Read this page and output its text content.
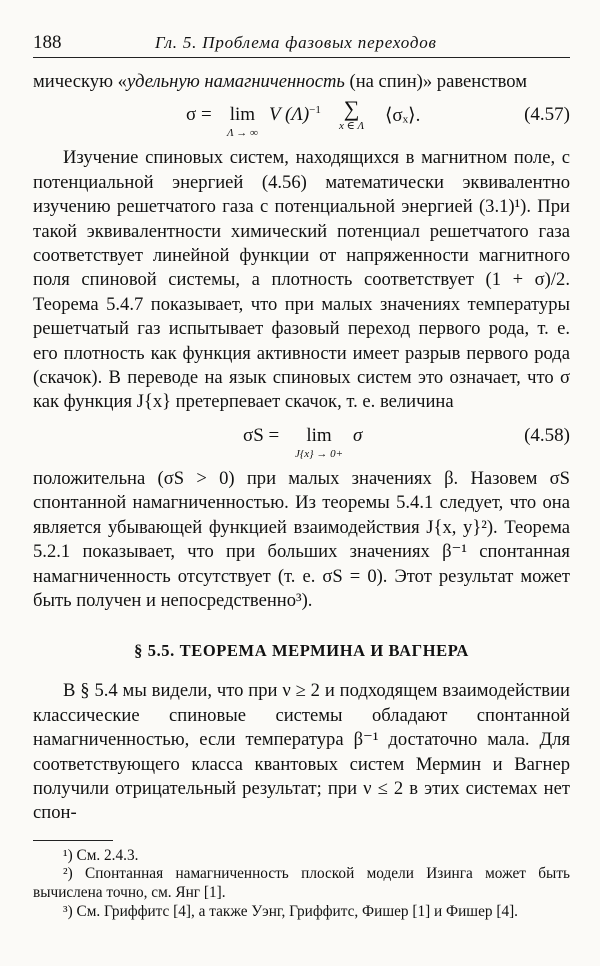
188	Гл. 5. Проблема фазовых переходов

мическую «удельную намагниченность (на спин)» равенством

σ = lim
Λ → ∞
V $(\Lambda)^{-1}$ ∑
x ∈ Λ ⟨σₓ⟩.	(4.57)

Изучение спиновых систем, находящихся в магнитном поле, с потенциальной энергией (4.56) математически эквивалентно изучению решетчатого газа с потенциальной энергией (3.1)¹). При такой эквивалентности химический потенциал решетчатого газа соответствует линейной функции от напряженности магнитного поля спиновой системы, а плотность соответствует (1 + σ)/2. Теорема 5.4.7 показывает, что при малых значениях температуры решетчатый газ испытывает фазовый переход первого рода, т. е. его плотность как функция активности имеет разрыв первого рода (скачок). В переводе на язык спиновых систем это означает, что σ как функция J{x} претерпевает скачок, т. е. величина

σS =	lim
J{x} → 0+
σ	(4.58)

положительна (σS > 0) при малых значениях β. Назовем σS спонтанной намагниченностью. Из теоремы 5.4.1 следует, что она является убывающей функцией взаимодействия J{x, y}²). Теорема 5.2.1 показывает, что при больших значениях β⁻¹ спонтанная намагниченность отсутствует (т. е. σS = 0). Этот результат может быть получен и непосредственно³).

§ 5.5. ТЕОРЕМА МЕРМИНА И ВАГНЕРА

В § 5.4 мы видели, что при ν ≥ 2 и подходящем взаимодействии классические спиновые системы обладают спонтанной намагниченностью, если температура β⁻¹ достаточно мала. Для соответствующего класса квантовых систем Мермин и Вагнер получили отрицательный результат; при ν ≤ 2 в этих системах нет спон-

¹) См. 2.4.3.

²) Спонтанная намагниченность плоской модели Изинга может быть вычислена точно, см. Янг [1].

³) См. Гриффитс [4], а также Уэнг, Гриффитс, Фишер [1] и Фишер [4].
